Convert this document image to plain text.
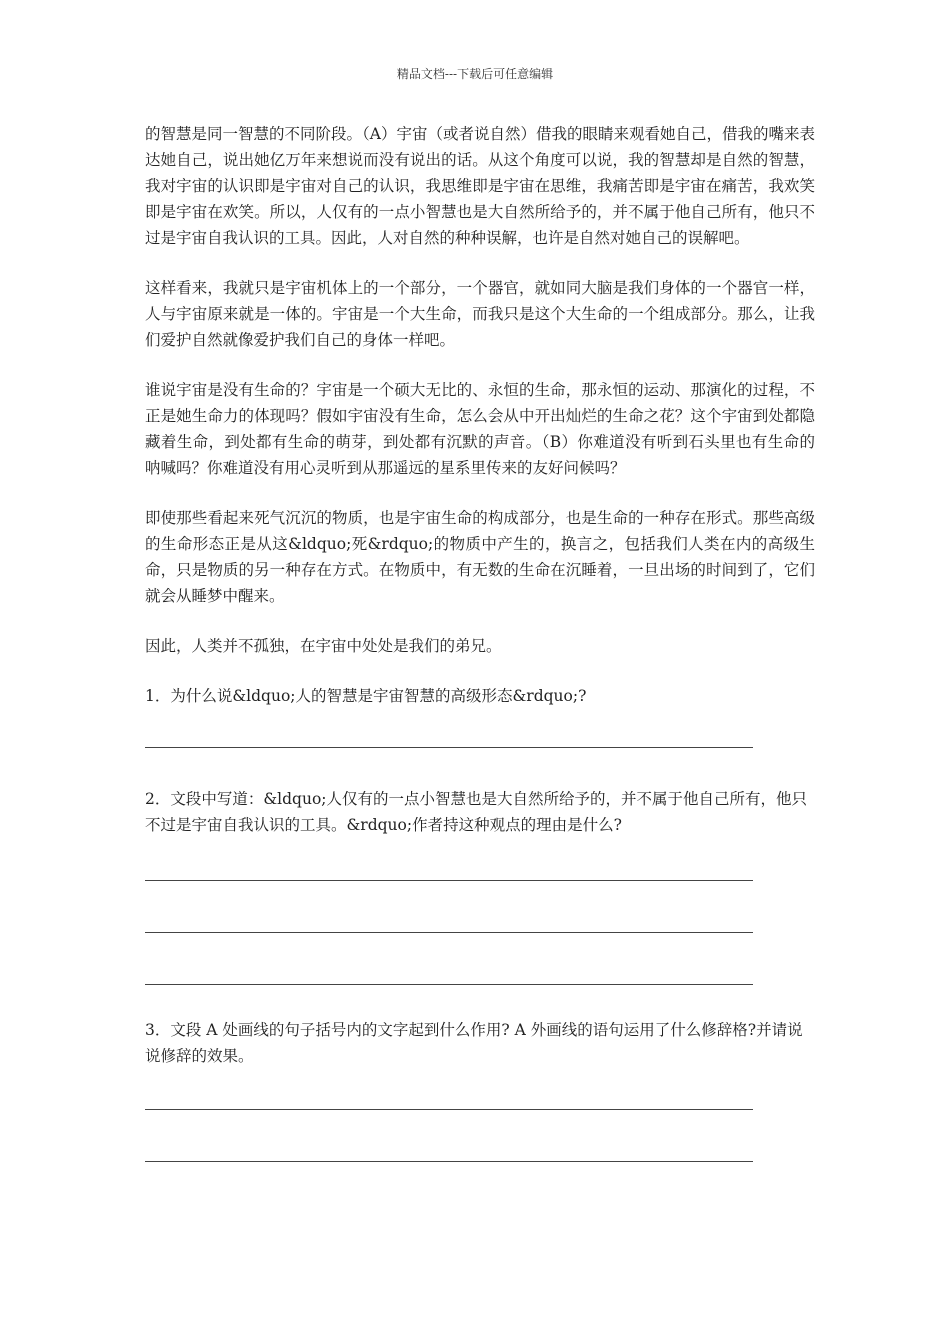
精品文档---下载后可任意编辑

的智慧是同一智慧的不同阶段。（A）宇宙（或者说自然）借我的眼睛来观看她自己，借我的嘴来表达她自己，说出她亿万年来想说而没有说出的话。从这个角度可以说，我的智慧却是自然的智慧，我对宇宙的认识即是宇宙对自己的认识，我思维即是宇宙在思维，我痛苦即是宇宙在痛苦，我欢笑即是宇宙在欢笑。所以，人仅有的一点小智慧也是大自然所给予的，并不属于他自己所有，他只不过是宇宙自我认识的工具。因此，人对自然的种种误解，也许是自然对她自己的误解吧。

这样看来，我就只是宇宙机体上的一个部分，一个器官，就如同大脑是我们身体的一个器官一样，人与宇宙原来就是一体的。宇宙是一个大生命，而我只是这个大生命的一个组成部分。那么，让我们爱护自然就像爱护我们自己的身体一样吧。

谁说宇宙是没有生命的？宇宙是一个硕大无比的、永恒的生命，那永恒的运动、那演化的过程，不正是她生命力的体现吗？假如宇宙没有生命，怎么会从中开出灿烂的生命之花？这个宇宙到处都隐藏着生命，到处都有生命的萌芽，到处都有沉默的声音。（B）你难道没有听到石头里也有生命的呐喊吗？你难道没有用心灵听到从那遥远的星系里传来的友好问候吗？

即使那些看起来死气沉沉的物质，也是宇宙生命的构成部分，也是生命的一种存在形式。那些高级的生命形态正是从这&ldquo;死&rdquo;的物质中产生的，换言之，包括我们人类在内的高级生命，只是物质的另一种存在方式。在物质中，有无数的生命在沉睡着，一旦出场的时间到了，它们就会从睡梦中醒来。

因此，人类并不孤独，在宇宙中处处是我们的弟兄。

1．为什么说&ldquo;人的智慧是宇宙智慧的高级形态&rdquo;?

2．文段中写道：&ldquo;人仅有的一点小智慧也是大自然所给予的，并不属于他自己所有，他只不过是宇宙自我认识的工具。&rdquo;作者持这种观点的理由是什么?

3．文段 A 处画线的句子括号内的文字起到什么作用? A 外画线的语句运用了什么修辞格?并请说说修辞的效果。
